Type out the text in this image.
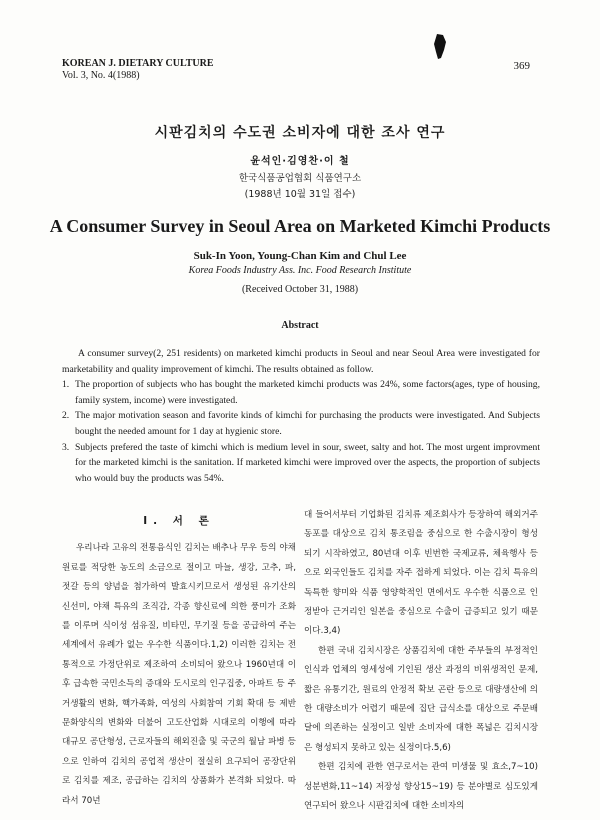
KOREAN J. DIETARY CULTURE
Vol. 3, No. 4(1988)
369
시판김치의 수도권 소비자에 대한 조사 연구
윤석인·김영찬·이 철
한국식품공업협회 식품연구소
(1988년 10월 31일 접수)
A Consumer Survey in Seoul Area on Marketed Kimchi Products
Suk-In Yoon, Young-Chan Kim and Chul Lee
Korea Foods Industry Ass. Inc. Food Research Institute
(Received October 31, 1988)
Abstract

A consumer survey(2, 251 residents) on marketed kimchi products in Seoul and near Seoul Area were investigated for marketability and quality improvement of kimchi. The results obtained as follow.

1. The proportion of subjects who has bought the marketed kimchi products was 24%, some factors(ages, type of housing, family system, income) were investigated.
2. The major motivation season and favorite kinds of kimchi for purchasing the products were investigated. And Subjects bought the needed amount for 1 day at hygienic store.
3. Subjects prefered the taste of kimchi which is medium level in sour, sweet, salty and hot. The most urgent improvment for the marketed kimchi is the sanitation. If marketed kimchi were improved over the aspects, the proportion of subjects who would buy the products was 54%.
I. 서 론

우리나라 고유의 전통음식인 김치는 배추나 무우 등의 야채원료를 적당한 농도의 소금으로 절이고 마늘, 생강, 고추, 파, 젓갈 등의 양념을 첨가하여 발효시키므로서 생성된 유기산의 신선미, 야채 특유의 조직감, 각종 향신료에 의한 풍미가 조화를 이루며 식이성 섬유질, 비타민, 무기질 등을 공급하여 주는 세계에서 유례가 없는 우수한 식품이다.1,2) 이러한 김치는 전통적으로 가정단위로 제조하여 소비되어 왔으나 1960년대 이후 급속한 국민소득의 증대와 도시로의 인구집중, 아파트 등 주거생활의 변화, 핵가족화, 여성의 사회참여 기회 확대 등 제반 문화양식의 변화와 더불어 고도산업화 시대로의 이행에 따라 대규모 공단형성, 근로자들의 해외진출 및 국군의 월남 파병 등으로 인하여 김치의 공업적 생산이 절실히 요구되어 공장단위로 김치를 제조, 공급하는 김치의 상품화가 본격화 되었다. 따라서 70년

대 들어서부터 기업화된 김치류 제조회사가 등장하여 해외거주 동포를 대상으로 김치 통조림을 중심으로 한 수출시장이 형성되기 시작하였고, 80년대 이후 빈번한 국제교류, 체육행사 등으로 외국인들도 김치를 자주 접하게 되었다. 이는 김치 특유의 독특한 향미와 식품 영양학적인 면에서도 우수한 식품으로 인정받아 근거리인 일본을 중심으로 수출이 급증되고 있기 때문이다.3,4)

한편 국내 김치시장은 상품김치에 대한 주부들의 부정적인 인식과 업체의 영세성에 기인된 생산 과정의 비위생적인 문제, 짧은 유통기간, 원료의 안정적 확보 곤란 등으로 대량생산에 의한 대량소비가 어렵기 때문에 집단 급식소를 대상으로 주문배달에 의존하는 실정이고 일반 소비자에 대한 폭넓은 김치시장은 형성되지 못하고 있는 실정이다.5,6)

한편 김치에 관한 연구로서는 관여 미생물 및 효소,7~10) 성분변화,11~14) 저장성 향상15~19) 등 분야별로 심도있게 연구되어 왔으나 시판김치에 대한 소비자의
